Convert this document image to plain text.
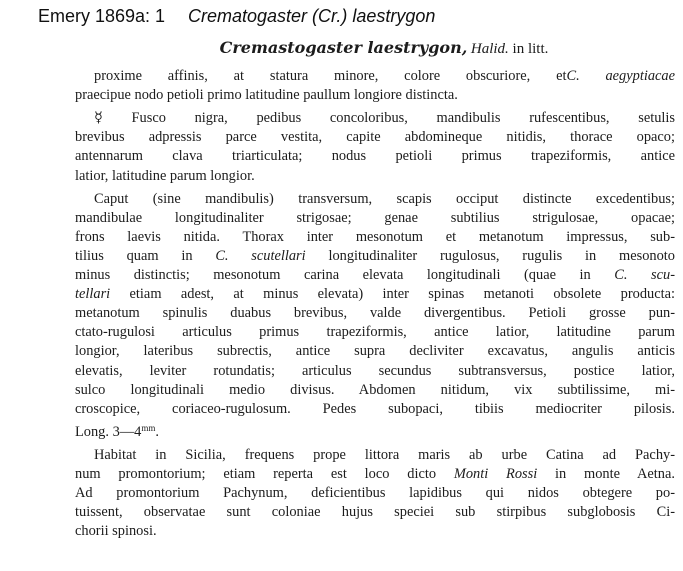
Emery 1869a: 1 Crematogaster (Cr.) laestrygon
Cremastogaster laestrygon, Halid. in litt.
proxime affinis, at statura minore, colore obscuriore, etC. aegyptiacae
praecipue nodo petioli primo latitudine paullum longiore distincta.
☿ Fusco nigra, pedibus concoloribus, mandibulis rufescentibus, setulis
brevibus adpressis parce vestita, capite abdomineque nitidis, thorace opaco;
antennarum clava triarticulata; nodus petioli primus trapeziformis, antice
latior, latitudine parum longior.
Caput (sine mandibulis) transversum, scapis occiput distincte excedentibus;
mandibulae longitudinaliter strigosae; genae subtilius strigulosae, opacae;
frons laevis nitida. Thorax inter mesonotum et metanotum impressus, sub-
tilius quam in C. scutellari longitudinaliter rugulosus, rugulis in mesonoto
minus distinctis; mesonotum carina elevata longitudinali (quae in C. scu-
tellari etiam adest, at minus elevata) inter spinas metanoti obsolete producta:
metanotum spinulis duabus brevibus, valde divergentibus. Petioli grosse pun-
ctato-rugulosi articulus primus trapeziformis, antice latior, latitudine parum
longior, lateribus subrectis, antice supra decliviter excavatus, angulis anticis
elevatis, leviter rotundatis; articulus secundus subtransversus, postice latior,
sulco longitudinali medio divisus. Abdomen nitidum, vix subtilissime, mi-
croscopice, coriaceo-rugulosum. Pedes subopaci, tibiis mediocriter pilosis.
Long. $3—4^{mm}$.
Habitat in Sicilia, frequens prope littora maris ab urbe Catina ad Pachy-
num promontorium; etiam reperta est loco dicto Monti Rossi in monte Aetna.
Ad promontorium Pachynum, deficientibus lapidibus qui nidos obtegere po-
tuissent, observatae sunt coloniae hujus speciei sub stirpibus subglobosis Ci-
chorii spinosi.
